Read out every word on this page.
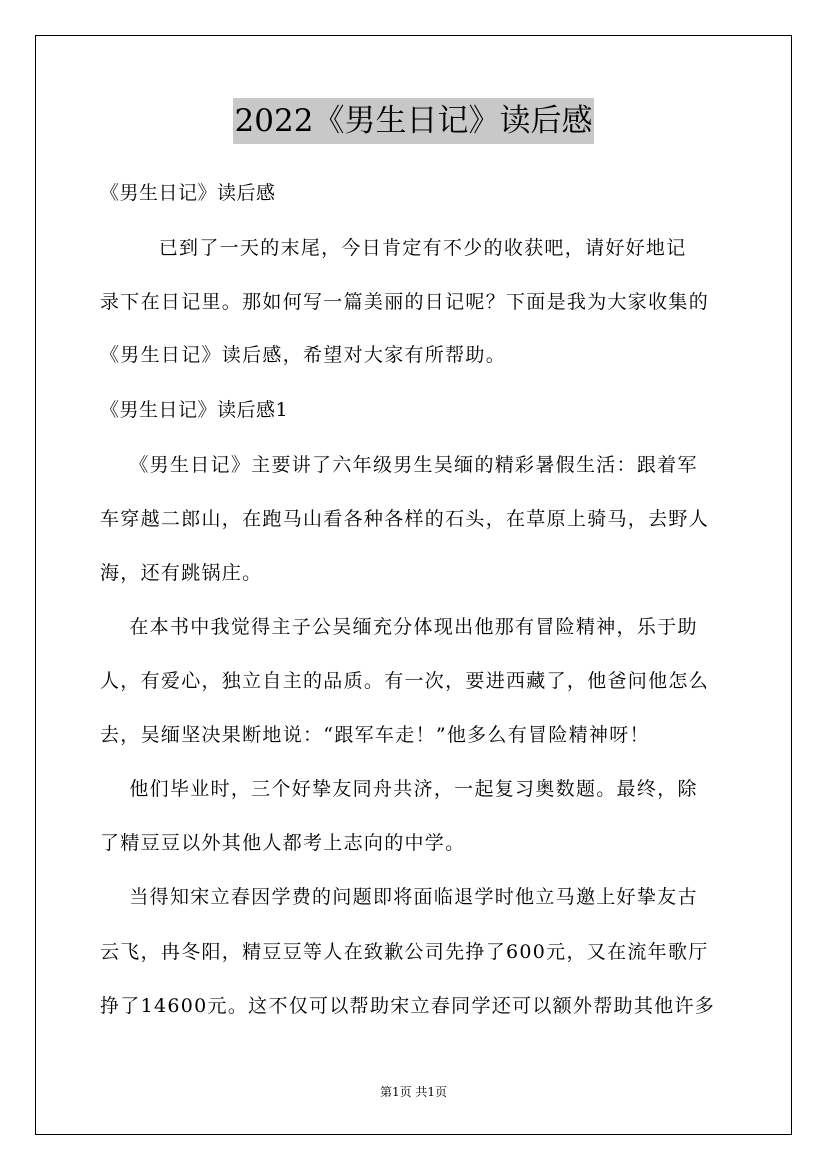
2022《男生日记》读后感
《男生日记》读后感
已到了一天的末尾，今日肯定有不少的收获吧，请好好地记
录下在日记里。那如何写一篇美丽的日记呢？下面是我为大家收集的
《男生日记》读后感，希望对大家有所帮助。
《男生日记》读后感1
《男生日记》主要讲了六年级男生吴缅的精彩暑假生活：跟着军
车穿越二郎山，在跑马山看各种各样的石头，在草原上骑马，去野人
海，还有跳锅庄。
在本书中我觉得主子公吴缅充分体现出他那有冒险精神，乐于助
人，有爱心，独立自主的品质。有一次，要进西藏了，他爸问他怎么
去，吴缅坚决果断地说：“跟军车走！”他多么有冒险精神呀！
他们毕业时，三个好挚友同舟共济，一起复习奥数题。最终，除
了精豆豆以外其他人都考上志向的中学。
当得知宋立春因学费的问题即将面临退学时他立马邀上好挚友古
云飞，冉冬阳，精豆豆等人在致歉公司先挣了600元，又在流年歌厅
挣了14600元。这不仅可以帮助宋立春同学还可以额外帮助其他许多
第1页 共1页
